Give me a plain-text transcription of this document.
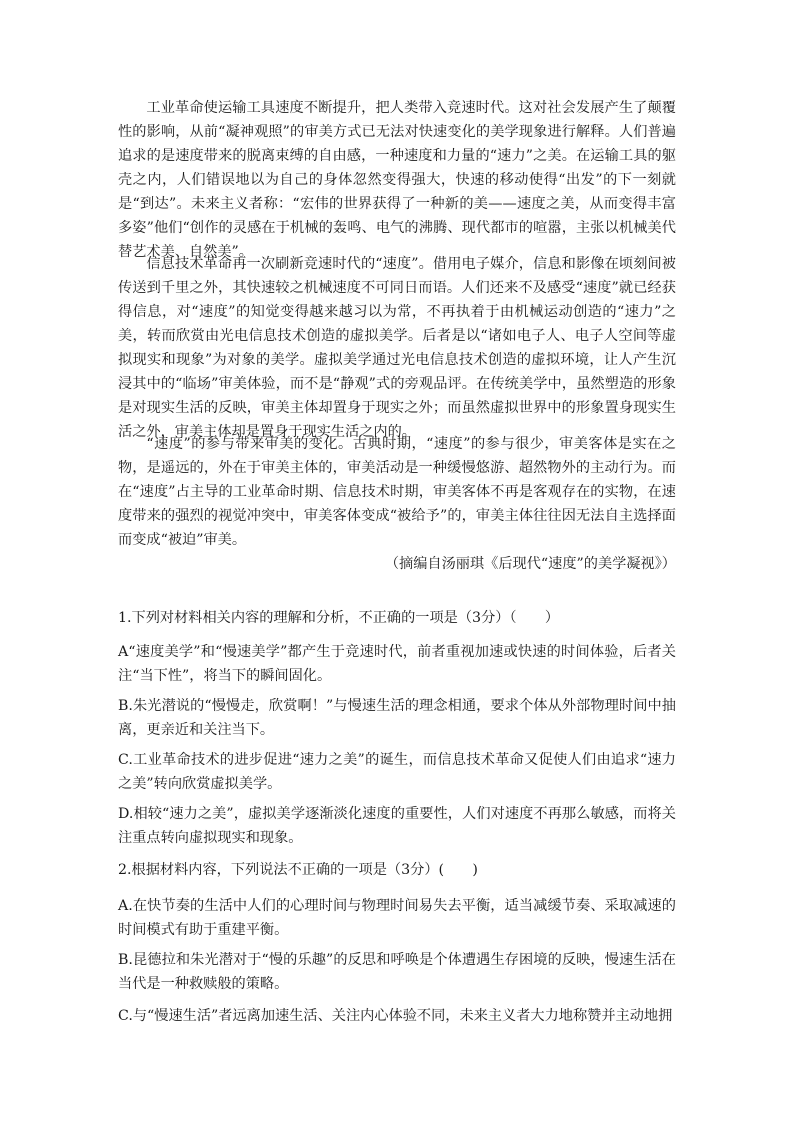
工业革命使运输工具速度不断提升，把人类带入竞速时代。这对社会发展产生了颠覆性的影响，从前“凝神观照”的审美方式已无法对快速变化的美学现象进行解释。人们普遍追求的是速度带来的脱离束缚的自由感，一种速度和力量的“速力”之美。在运输工具的躯壳之内，人们错误地以为自己的身体忽然变得强大，快速的移动使得“出发”的下一刻就是“到达”。未来主义者称：“宏伟的世界获得了一种新的美——速度之美，从而变得丰富多姿”他们“创作的灵感在于机械的轰鸣、电气的沸腾、现代都市的喧嚣，主张以机械美代替艺术美、自然美”。

信息技术革命再一次刷新竞速时代的“速度”。借用电子媒介，信息和影像在顷刻间被传送到千里之外，其快速较之机械速度不可同日而语。人们还来不及感受“速度”就已经获得信息，对“速度”的知觉变得越来越习以为常，不再执着于由机械运动创造的“速力”之美，转而欣赏由光电信息技术创造的虚拟美学。后者是以“诸如电子人、电子人空间等虚拟现实和现象”为对象的美学。虚拟美学通过光电信息技术创造的虚拟环境，让人产生沉浸其中的“临场”审美体验，而不是“静观”式的旁观品评。在传统美学中，虽然塑造的形象是对现实生活的反映，审美主体却置身于现实之外；而虽然虚拟世界中的形象置身现实生活之外，审美主体却是置身于现实生活之内的。

“速度”的参与带来审美的变化。古典时期，“速度”的参与很少，审美客体是实在之物，是遥远的，外在于审美主体的，审美活动是一种缓慢悠游、超然物外的主动行为。而在“速度”占主导的工业革命时期、信息技术时期，审美客体不再是客观存在的实物，在速度带来的强烈的视觉冲突中，审美客体变成“被给予”的，审美主体往往因无法自主选择面而变成“被迫”审美。

（摘编自汤丽琪《后现代“速度”的美学凝视》）

1.下列对材料相关内容的理解和分析，不正确的一项是（3分）（　　）

A“速度美学”和“慢速美学”都产生于竞速时代，前者重视加速或快速的时间体验，后者关注“当下性”，将当下的瞬间固化。

B.朱光潜说的“慢慢走，欣赏啊！”与慢速生活的理念相通，要求个体从外部物理时间中抽离，更亲近和关注当下。

C.工业革命技术的进步促进“速力之美”的诞生，而信息技术革命又促使人们由追求“速力之美”转向欣赏虚拟美学。

D.相较“速力之美”，虚拟美学逐渐淡化速度的重要性，人们对速度不再那么敏感，而将关注重点转向虚拟现实和现象。

2.根据材料内容，下列说法不正确的一项是（3分）(　　)

A.在快节奏的生活中人们的心理时间与物理时间易失去平衡，适当减缓节奏、采取减速的时间模式有助于重建平衡。

B.昆德拉和朱光潜对于“慢的乐趣”的反思和呼唤是个体遭遇生存困境的反映，慢速生活在当代是一种救赎般的策略。

C.与“慢速生活”者远离加速生活、关注内心体验不同，未来主义者大力地称赞并主动地拥
